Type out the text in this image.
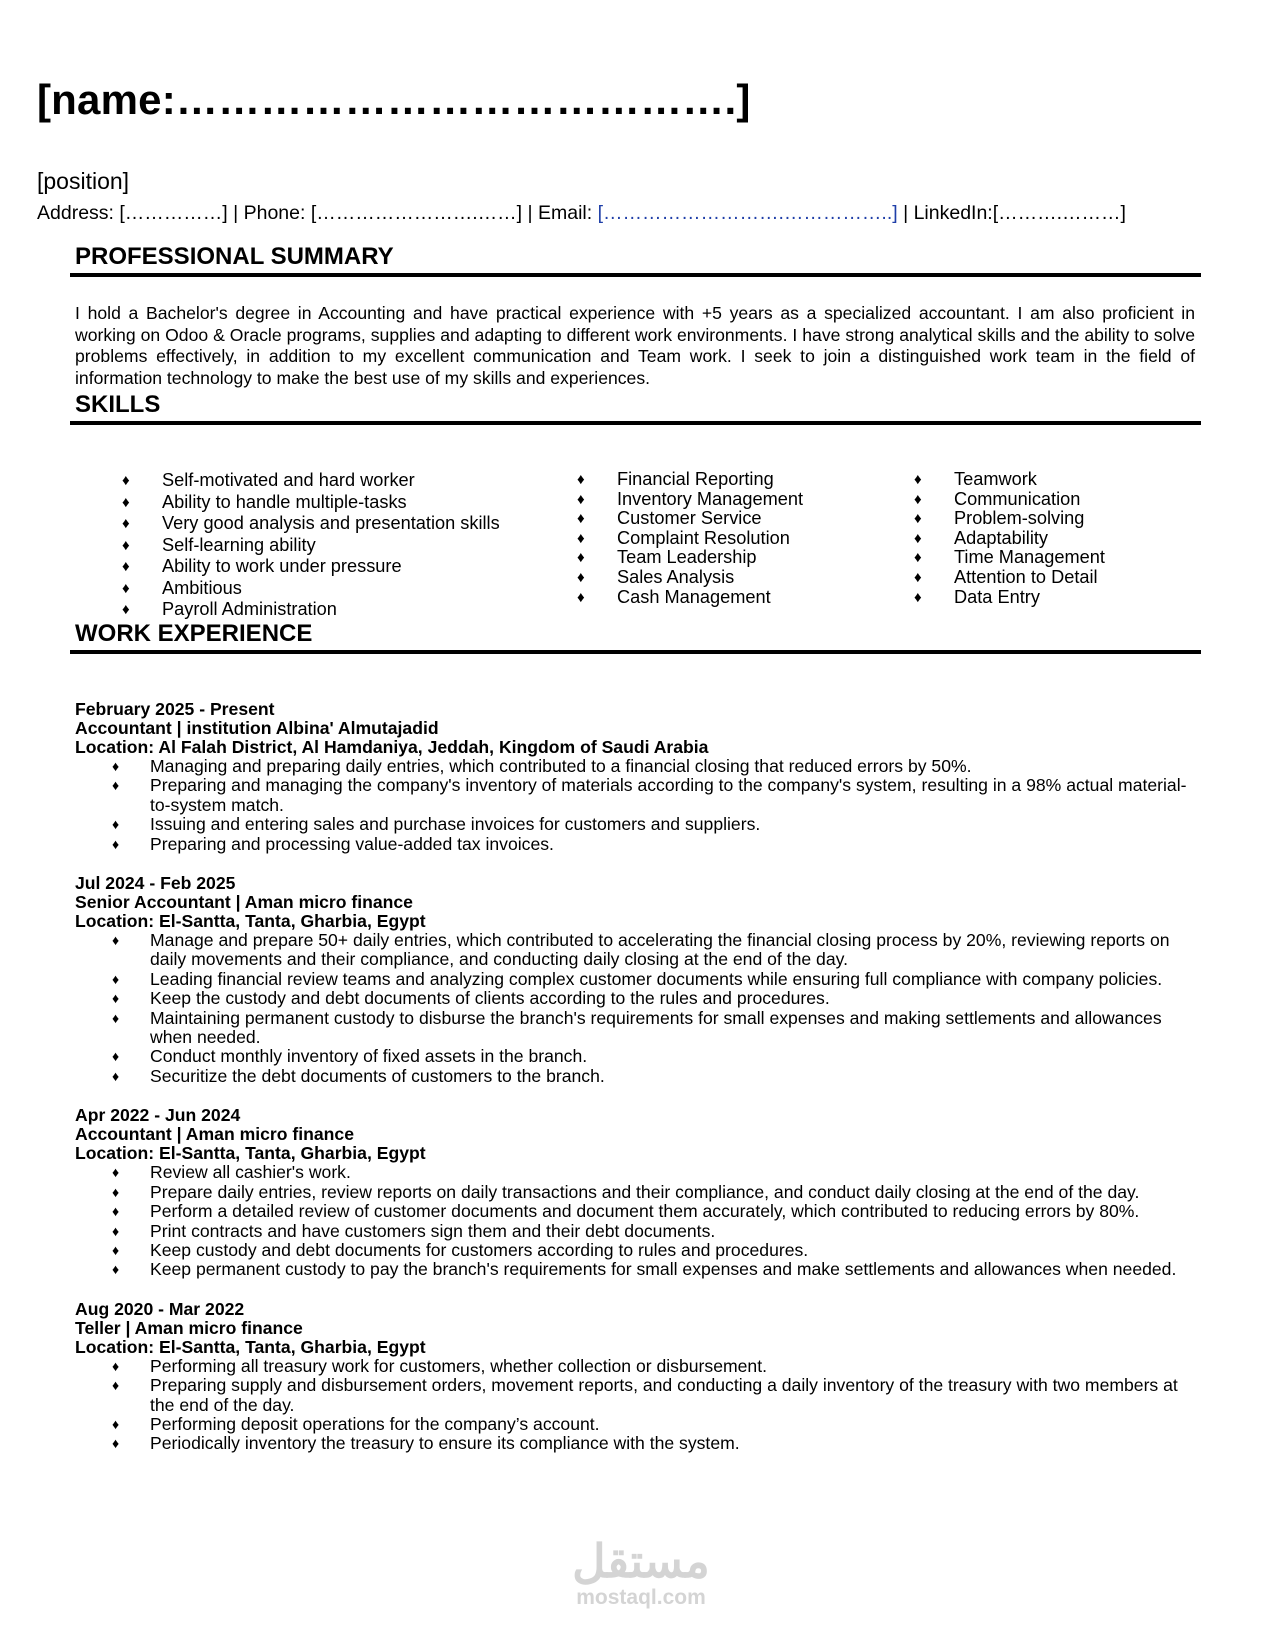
[name:………………………………….]
[position]
Address: [……………] | Phone: […………………….……] | Email: [……………………….……………..] | LinkedIn:[……….………]
PROFESSIONAL SUMMARY
I hold a Bachelor's degree in Accounting and have practical experience with +5 years as a specialized accountant. I am also proficient in working on Odoo & Oracle programs, supplies and adapting to different work environments. I have strong analytical skills and the ability to solve problems effectively, in addition to my excellent communication and Team work. I seek to join a distinguished work team in the field of information technology to make the best use of my skills and experiences.
SKILLS
♦ Self-motivated and hard worker
♦ Ability to handle multiple-tasks
♦ Very good analysis and presentation skills
♦ Self-learning ability
♦ Ability to work under pressure
♦ Ambitious
♦ Payroll Administration
♦ Financial Reporting
♦ Inventory Management
♦ Customer Service
♦ Complaint Resolution
♦ Team Leadership
♦ Sales Analysis
♦ Cash Management
♦ Teamwork
♦ Communication
♦ Problem-solving
♦ Adaptability
♦ Time Management
♦ Attention to Detail
♦ Data Entry
WORK EXPERIENCE
February 2025 - Present
Accountant | institution Albina' Almutajadid
Location: Al Falah District, Al Hamdaniya, Jeddah, Kingdom of Saudi Arabia
♦ Managing and preparing daily entries, which contributed to a financial closing that reduced errors by 50%.
♦ Preparing and managing the company's inventory of materials according to the company's system, resulting in a 98% actual material-to-system match.
♦ Issuing and entering sales and purchase invoices for customers and suppliers.
♦ Preparing and processing value-added tax invoices.
Jul 2024 - Feb 2025
Senior Accountant | Aman micro finance
Location: El-Santta, Tanta, Gharbia, Egypt
♦ Manage and prepare 50+ daily entries, which contributed to accelerating the financial closing process by 20%, reviewing reports on daily movements and their compliance, and conducting daily closing at the end of the day.
♦ Leading financial review teams and analyzing complex customer documents while ensuring full compliance with company policies.
♦ Keep the custody and debt documents of clients according to the rules and procedures.
♦ Maintaining permanent custody to disburse the branch's requirements for small expenses and making settlements and allowances when needed.
♦ Conduct monthly inventory of fixed assets in the branch.
♦ Securitize the debt documents of customers to the branch.
Apr 2022 - Jun 2024
Accountant | Aman micro finance
Location: El-Santta, Tanta, Gharbia, Egypt
♦ Review all cashier's work.
♦ Prepare daily entries, review reports on daily transactions and their compliance, and conduct daily closing at the end of the day.
♦ Perform a detailed review of customer documents and document them accurately, which contributed to reducing errors by 80%.
♦ Print contracts and have customers sign them and their debt documents.
♦ Keep custody and debt documents for customers according to rules and procedures.
♦ Keep permanent custody to pay the branch's requirements for small expenses and make settlements and allowances when needed.
Aug 2020 - Mar 2022
Teller | Aman micro finance
Location: El-Santta, Tanta, Gharbia, Egypt
♦ Performing all treasury work for customers, whether collection or disbursement.
♦ Preparing supply and disbursement orders, movement reports, and conducting a daily inventory of the treasury with two members at the end of the day.
♦ Performing deposit operations for the company’s account.
♦ Periodically inventory the treasury to ensure its compliance with the system.
مستقل
mostaql.com
